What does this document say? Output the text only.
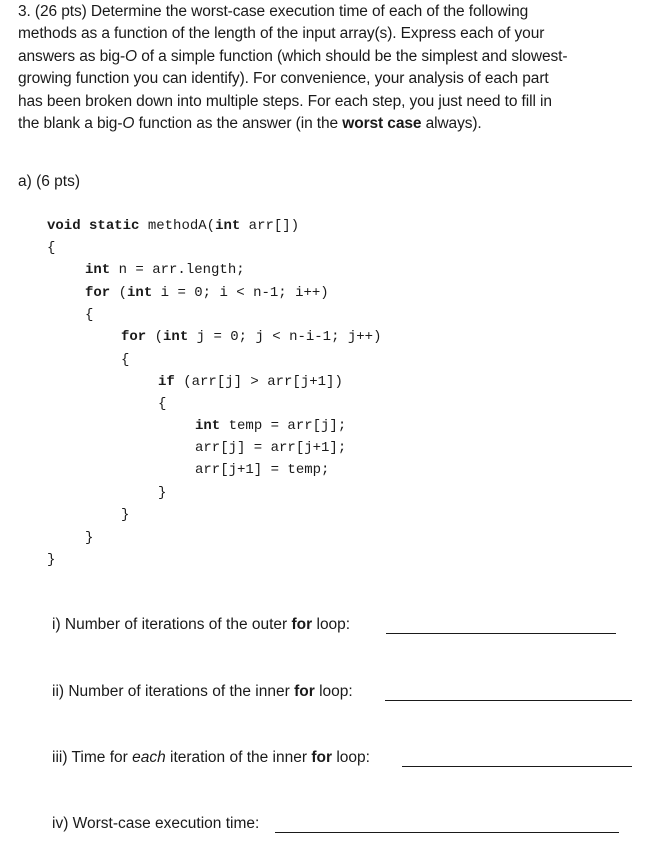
3. (26 pts) Determine the worst-case execution time of each of the following

methods as a function of the length of the input array(s). Express each of your

answers as big-O of a simple function (which should be the simplest and slowest-

growing function you can identify). For convenience, your analysis of each part

has been broken down into multiple steps. For each step, you just need to fill in

the blank a big-O function as the answer (in the worst case always).

a) (6 pts)
void static methodA(int arr[])
{
int n = arr.length;
for (int i = 0; i < n-1; i++)
{
for (int j = 0; j < n-i-1; j++)
{
if (arr[j] > arr[j+1])
{
int temp = arr[j];
arr[j] = arr[j+1];
arr[j+1] = temp;
}
}
}
}
i) Number of iterations of the outer for loop:
ii) Number of iterations of the inner for loop:
iii) Time for each iteration of the inner for loop:
iv) Worst-case execution time:
